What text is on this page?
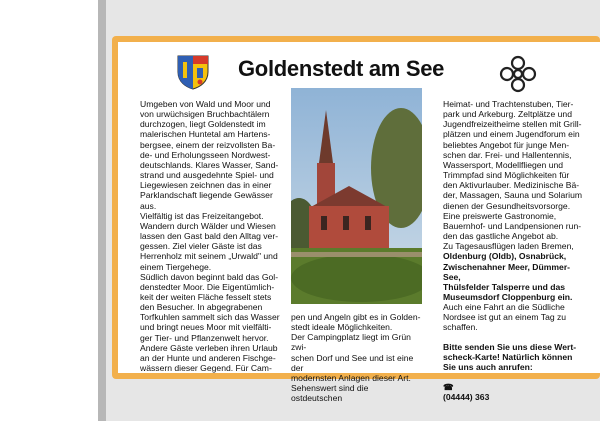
Goldenstedt am See

Umgeben von Wald und Moor und
von urwüchsigen Bruchbachtälern
durchzogen, liegt Goldenstedt im
malerischen Huntetal am Hartens-
bergsee, einem der reizvollsten Ba-
de- und Erholungsseen Nordwest-
deutschlands. Klares Wasser, Sand-
strand und ausgedehnte Spiel- und
Liegewiesen zeichnen das in einer
Parklandschaft liegende Gewässer
aus.

Vielfältig ist das Freizeitangebot.
Wandern durch Wälder und Wiesen
lassen den Gast bald den Alltag ver-
gessen. Ziel vieler Gäste ist das
Herrenholz mit seinem „Urwald" und
einem Tiergehege.

Südlich davon beginnt bald das Gol-
denstedter Moor. Die Eigentümlich-
keit der weiten Fläche fesselt stets
den Besucher. In abgegrabenen
Torfkuhlen sammelt sich das Wasser
und bringt neues Moor mit vielfälti-
ger Tier- und Pflanzenwelt hervor.
Andere Gäste verleben ihren Urlaub
an der Hunte und anderen Fischge-
wässern dieser Gegend. Für Cam-

pen und Angeln gibt es in Golden-
stedt ideale Möglichkeiten.

Der Campingplatz liegt im Grün zwi-
schen Dorf und See und ist eine der
modernsten Anlagen dieser Art.
Sehenswert sind die ostdeutschen

Heimat- und Trachtenstuben, Tier-
park und Arkeburg. Zeltplätze und
Jugendfreizeitheime stellen mit Grill-
plätzen und einem Jugendforum ein
beliebtes Angebot für junge Men-
schen dar. Frei- und Hallentennis,
Wassersport, Modellfliegen und
Trimmpfad sind Möglichkeiten für
den Aktivurlauber. Medizinische Bä-
der, Massagen, Sauna und Solarium
dienen der Gesundheitsvorsorge.

Eine preiswerte Gastronomie,
Bauernhof- und Landpensionen run-
den das gastliche Angebot ab.

Zu Tagesausflügen laden Bremen,

Oldenburg (Oldb), Osnabrück,
Zwischenahner Meer, Dümmer-See,
Thülsfelder Talsperre und das
Museumsdorf Cloppenburg ein.

Auch eine Fahrt an die Südliche
Nordsee ist gut an einem Tag zu
schaffen.

Bitte senden Sie uns diese Wert-
scheck-Karte! Natürlich können
Sie uns auch anrufen:

☎
(04444) 363
